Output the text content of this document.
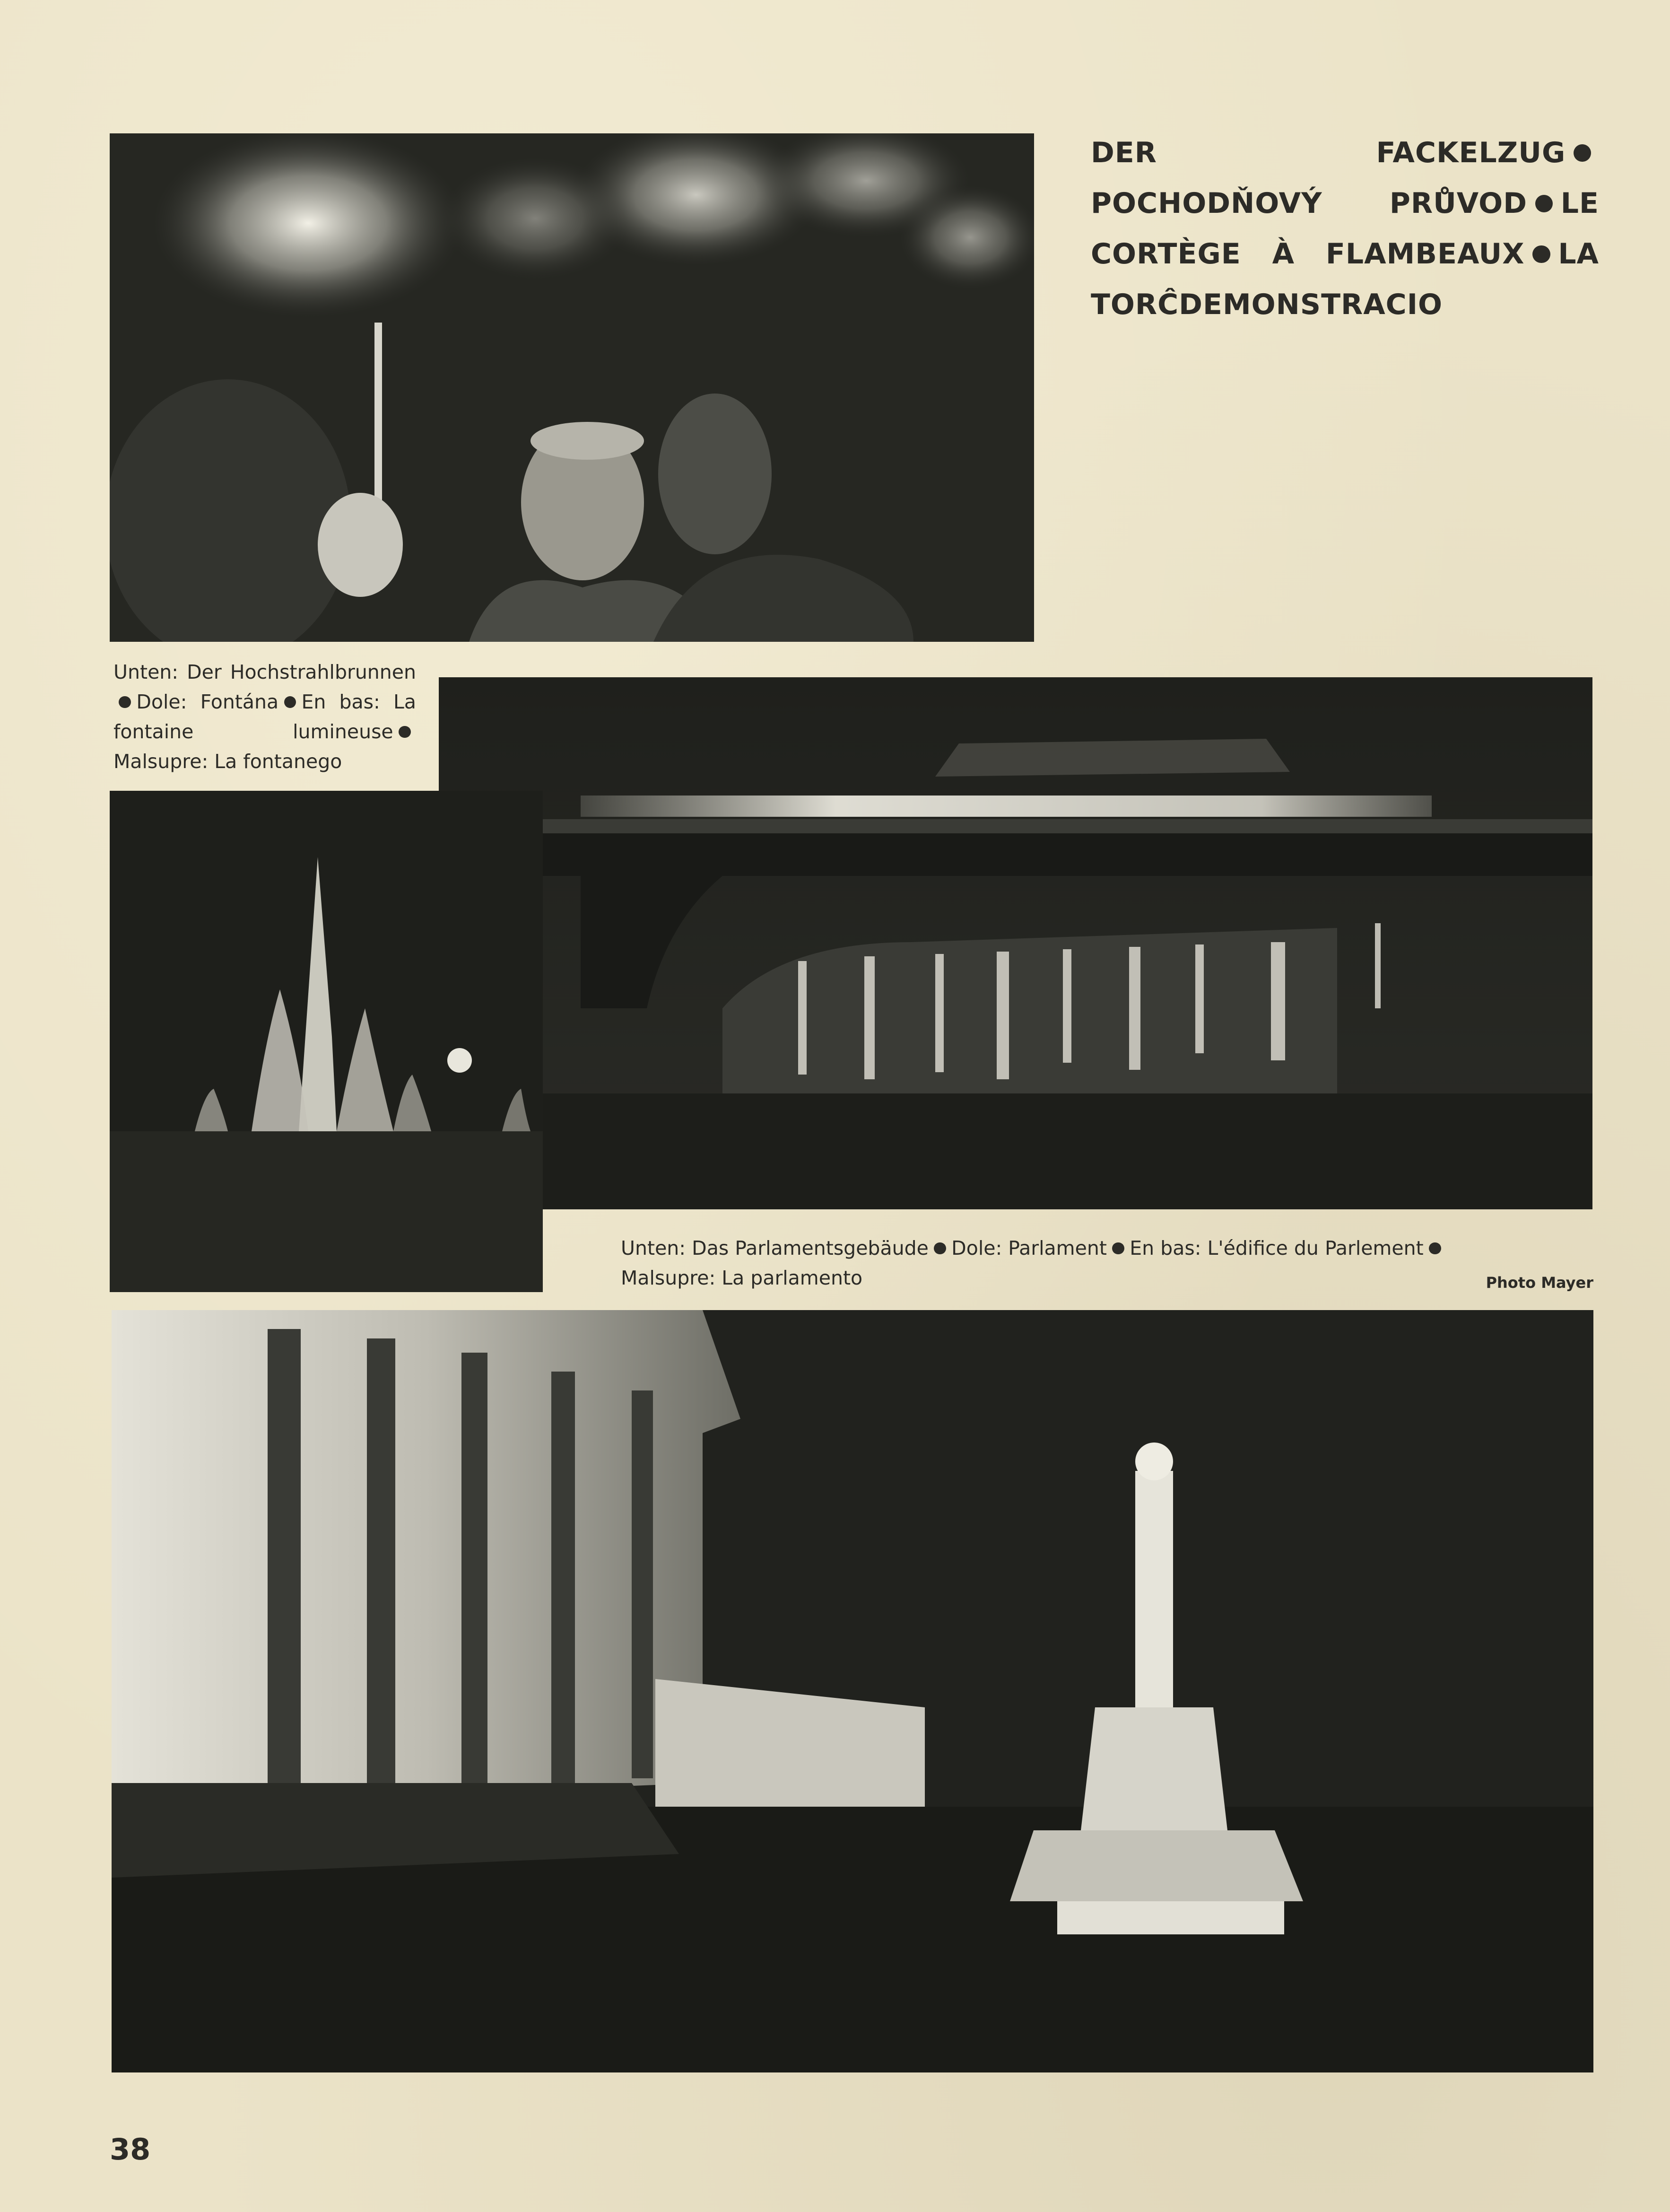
DER FACKELZUGPOCHODŇOVÝ PRŮVOD LE CORTÈGE À FLAMBEAUX LA TORĈDEMONSTRACIO
Unten: Der HochstrahlbrunnenDole: Fontána En bas: La fontaine lumineuseMalsupre: La fontanego
Unten: Das Parlamentsgebäude Dole: Parlament En bas: L'édifice du Parlement
Malsupre: La parlamento	Photo Mayer
38
